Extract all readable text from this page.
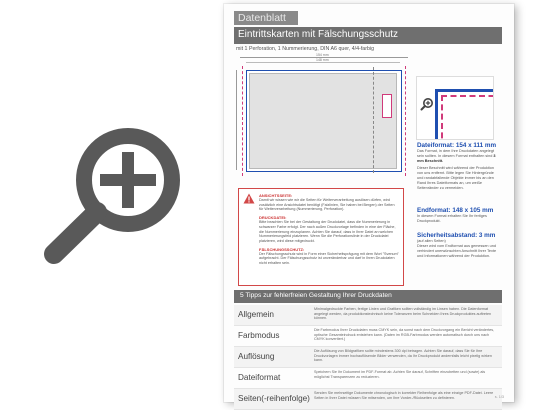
Datenblatt
Eintrittskarten mit Fälschungsschutz
mit 1 Perforation, 1 Nummerierung, DIN A6 quer, 4/4-farbig
154 mm
148 mm
Dateiformat: 154 x 111 mm
Das Format, in dem Ihre Druckdaten angelegt sein sollten. In diesem Format enthalten sind 3 mm Beschnitt.
Dieser Beschnitt wird während der Produktion von uns entfernt. Bitte legen Sie Hintergründe und randabfallende Objekte immer bis an den Rand Ihres Dateiformats an, um weiße Seitenränder zu vermeiden.
Endformat: 148 x 105 mm
In diesem Format erhalten Sie Ihr fertiges Druckprodukt.
Sicherheitsabstand: 3 mm
(auf allen Seiten)
Dieser wird vom Endformat aus gemessen und verhindert unerwünschten Anschnitt Ihrer Texte und Informationen während der Produktion.
ANSICHTSSEITE:
Damit wir wissen wie wir die Seiten für Weiterverarbeitung auslösen dürfen, wird zusätzlich eine Ansichtsdatei benötigt (Falzlinien, Sie haben bei Bergen) der Seiten für Weiterverarbeitung (Nummerierung, Perforation).
DRUCKDATEI:
Bitte beachten Sie bei der Gestaltung der Druckdatei, dass die Nummerierung in schwarzer Farbe erfolgt. Der nach außen Druckvorlage befinden in eine der Fläche, die Nummerierung einzuplanen. Achten Sie darauf, dass in Ihrer Datei an welchen Nummerierungsfeld platzieren. Wenn Sie die Perforationslinie in der Druckdatei platzieren, wird diese mitgedruckt.
FÄLSCHUNGSSCHUTZ:
Der Fälschungsschutz wird in Form einer Sicherheitsprägung mit dem Wort "Svenum" aufgebracht. Der Fälschungsschutz ist unveränderbar und darf in Ihren Druckdaten nicht erhalten sein.
5 Tipps zur fehlerfreien Gestaltung Ihrer Druckdaten
Allgemein
Minimalgedruckte Farben, fertige Linien und Grafiken sollten vollständig im Linsen haben. Die Datenformat angelegt werden, da produktionstechnisch keine Toleranzen beim Schneiden Ihres Druckproduktes auftreten können.
Farbmodus
Die Farbmodus Ihrer Druckdaten muss CMYK sein, da sonst nach dem Druckvorgang ein Bericht verändertes, optische Gesamteindruck entstehen kann. (Daten im RGB-Farbmodus werden automatisch durch uns nach CMYK konvertiert.)
Auflösung
Die Auflösung von Bildgrafiken sollte mindestens 300 dpi betragen. Achten Sie darauf, dass Sie für Ihre Druckvorlagen immer hochauflösende Bilder verwenden, da Ihr Druckprodukt andernfalls leicht pixelig wirken kann.
Dateiformat
Speichern Sie Ihr Dokument im PDF-Format ab. Achten Sie darauf, Schriften einzubetten und (sowie) als möglichst Transparenzen zu reduzieren.
Seiten(-reihenfolge)
Senden Sie mehrseitige Dokumente chronologisch in korrekter Reihenfolge als eine einzige PDF-Datei. Leere Seiten in Ihrer Datei müssen Sie mitsenden, um Ihre Vorder-/Rückseiten zu definieren.	s. 1/3
